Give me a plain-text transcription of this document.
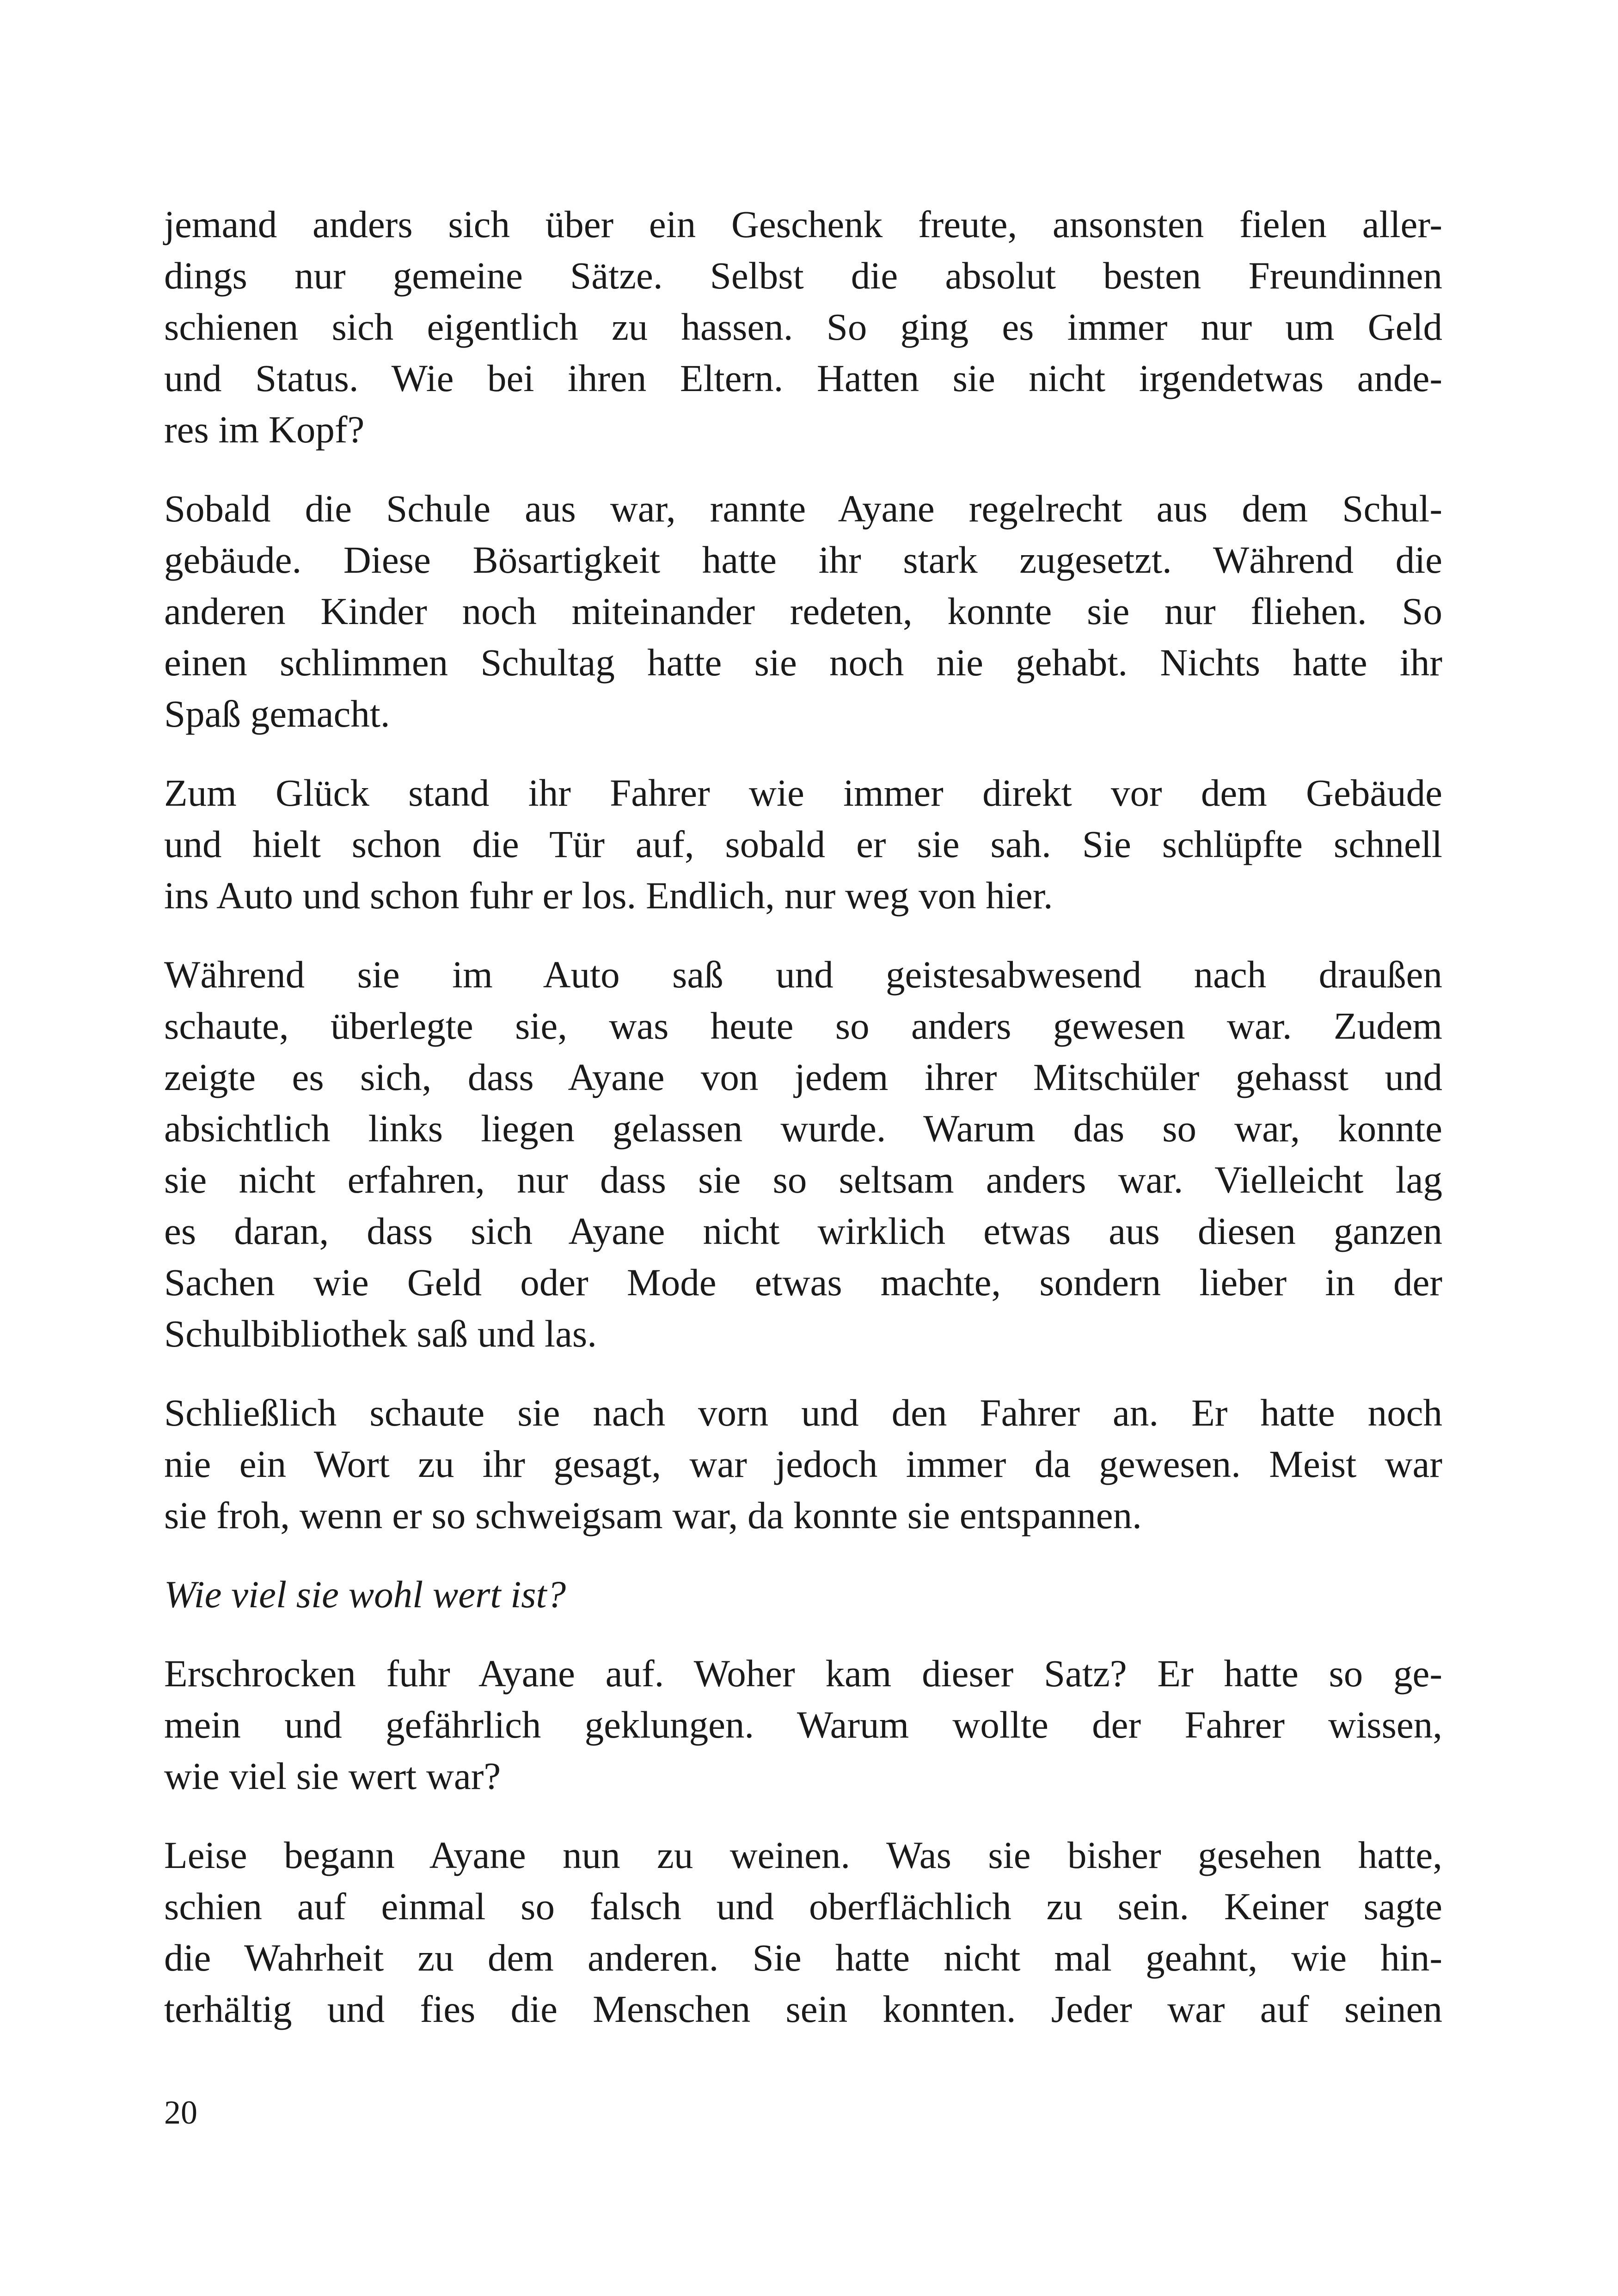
jemand anders sich über ein Geschenk freute, ansonsten fielen aller-
dings nur gemeine Sätze. Selbst die absolut besten Freundinnen
schienen sich eigentlich zu hassen. So ging es immer nur um Geld
und Status. Wie bei ihren Eltern. Hatten sie nicht irgendetwas ande-
res im Kopf?

Sobald die Schule aus war, rannte Ayane regelrecht aus dem Schul-
gebäude. Diese Bösartigkeit hatte ihr stark zugesetzt. Während die
anderen Kinder noch miteinander redeten, konnte sie nur fliehen. So
einen schlimmen Schultag hatte sie noch nie gehabt. Nichts hatte ihr
Spaß gemacht.

Zum Glück stand ihr Fahrer wie immer direkt vor dem Gebäude
und hielt schon die Tür auf, sobald er sie sah. Sie schlüpfte schnell
ins Auto und schon fuhr er los. Endlich, nur weg von hier.

Während sie im Auto saß und geistesabwesend nach draußen
schaute, überlegte sie, was heute so anders gewesen war. Zudem
zeigte es sich, dass Ayane von jedem ihrer Mitschüler gehasst und
absichtlich links liegen gelassen wurde. Warum das so war, konnte
sie nicht erfahren, nur dass sie so seltsam anders war. Vielleicht lag
es daran, dass sich Ayane nicht wirklich etwas aus diesen ganzen
Sachen wie Geld oder Mode etwas machte, sondern lieber in der
Schulbibliothek saß und las.

Schließlich schaute sie nach vorn und den Fahrer an. Er hatte noch
nie ein Wort zu ihr gesagt, war jedoch immer da gewesen. Meist war
sie froh, wenn er so schweigsam war, da konnte sie entspannen.

Wie viel sie wohl wert ist?

Erschrocken fuhr Ayane auf. Woher kam dieser Satz? Er hatte so ge-
mein und gefährlich geklungen. Warum wollte der Fahrer wissen,
wie viel sie wert war?

Leise begann Ayane nun zu weinen. Was sie bisher gesehen hatte,
schien auf einmal so falsch und oberflächlich zu sein. Keiner sagte
die Wahrheit zu dem anderen. Sie hatte nicht mal geahnt, wie hin-
terhältig und fies die Menschen sein konnten. Jeder war auf seinen

20
